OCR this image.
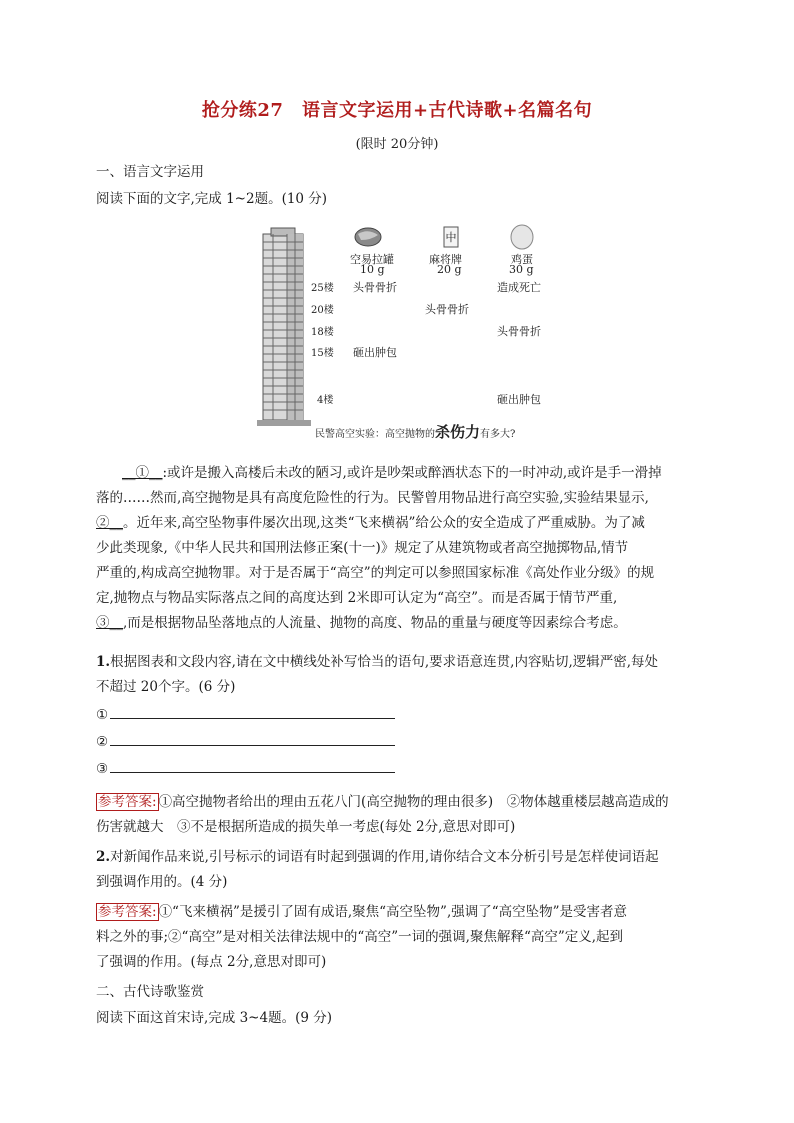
抢分练27　语言文字运用+古代诗歌+名篇名句
(限时 20分钟)
一、语言文字运用
阅读下面的文字,完成 1~2题。(10 分)
中
空易拉罐
10 g
麻将牌
20 g
鸡蛋
30 g
25楼
20楼
18楼
15楼
4楼
头骨骨折	造成死亡
头骨骨折
头骨骨折
砸出肿包
砸出肿包
民警高空实验：高空抛物的杀伤力有多大?
__①__:或许是搬入高楼后未改的陋习,或许是吵架或醉酒状态下的一时冲动,或许是手一滑掉
落的……然而,高空抛物是具有高度危险性的行为。民警曾用物品进行高空实验,实验结果显示,
②__。近年来,高空坠物事件屡次出现,这类“飞来横祸”给公众的安全造成了严重威胁。为了减
少此类现象,《中华人民共和国刑法修正案(十一)》规定了从建筑物或者高空抛掷物品,情节
严重的,构成高空抛物罪。对于是否属于“高空”的判定可以参照国家标准《高处作业分级》的规
定,抛物点与物品实际落点之间的高度达到 2米即可认定为“高空”。而是否属于情节严重,
③__,而是根据物品坠落地点的人流量、抛物的高度、物品的重量与硬度等因素综合考虑。
1.根据图表和文段内容,请在文中横线处补写恰当的语句,要求语意连贯,内容贴切,逻辑严密,每处
不超过 20个字。(6 分)
①
②
③
参考答案: ①高空抛物者给出的理由五花八门(高空抛物的理由很多)　②物体越重楼层越高造成的
伤害就越大　③不是根据所造成的损失单一考虑(每处 2分,意思对即可)
2.对新闻作品来说,引号标示的词语有时起到强调的作用,请你结合文本分析引号是怎样使词语起
到强调作用的。(4 分)
参考答案: ①“飞来横祸”是援引了固有成语,聚焦“高空坠物”,强调了“高空坠物”是受害者意
料之外的事;②“高空”是对相关法律法规中的“高空”一词的强调,聚焦解释“高空”定义,起到
了强调的作用。(每点 2分,意思对即可)
二、古代诗歌鉴赏
阅读下面这首宋诗,完成 3~4题。(9 分)
